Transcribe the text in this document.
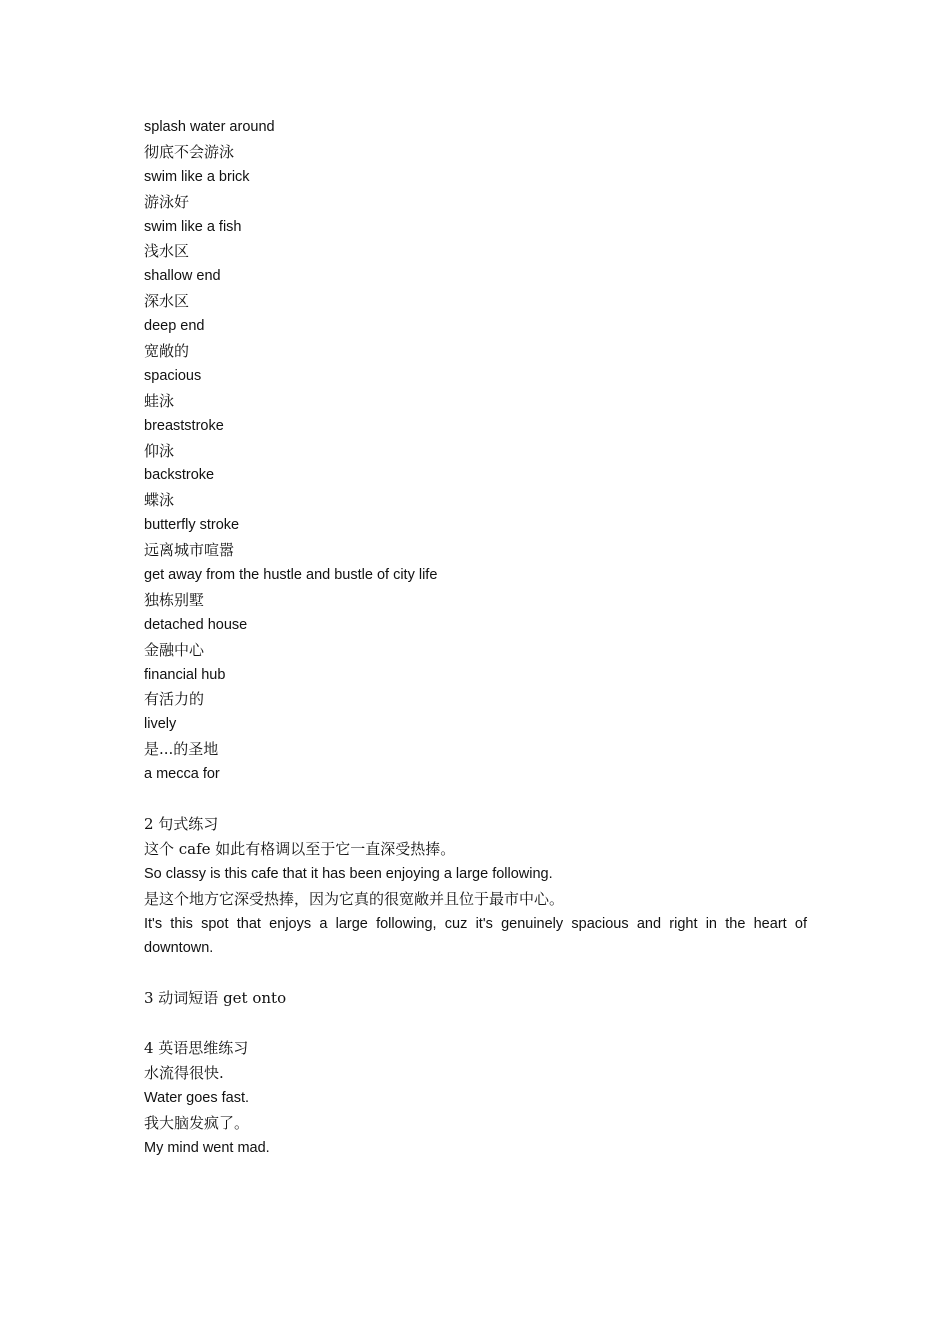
splash water around
彻底不会游泳
swim like a brick
游泳好
swim like a fish
浅水区
shallow end
深水区
deep end
宽敞的
spacious
蛙泳
breaststroke
仰泳
backstroke
蝶泳
butterfly stroke
远离城市喧嚣
get away from the hustle and bustle of city life
独栋别墅
detached house
金融中心
financial hub
有活力的
lively
是...的圣地
a mecca for
2 句式练习
这个 cafe 如此有格调以至于它一直深受热捧。
So classy is this cafe that it has been enjoying a large following.
是这个地方它深受热捧，因为它真的很宽敞并且位于最市中心。
It's this spot that enjoys a large following, cuz it's genuinely spacious and right in the heart of downtown.
3 动词短语 get onto
4 英语思维练习
水流得很快.
Water goes fast.
我大脑发疯了。
My mind went mad.
